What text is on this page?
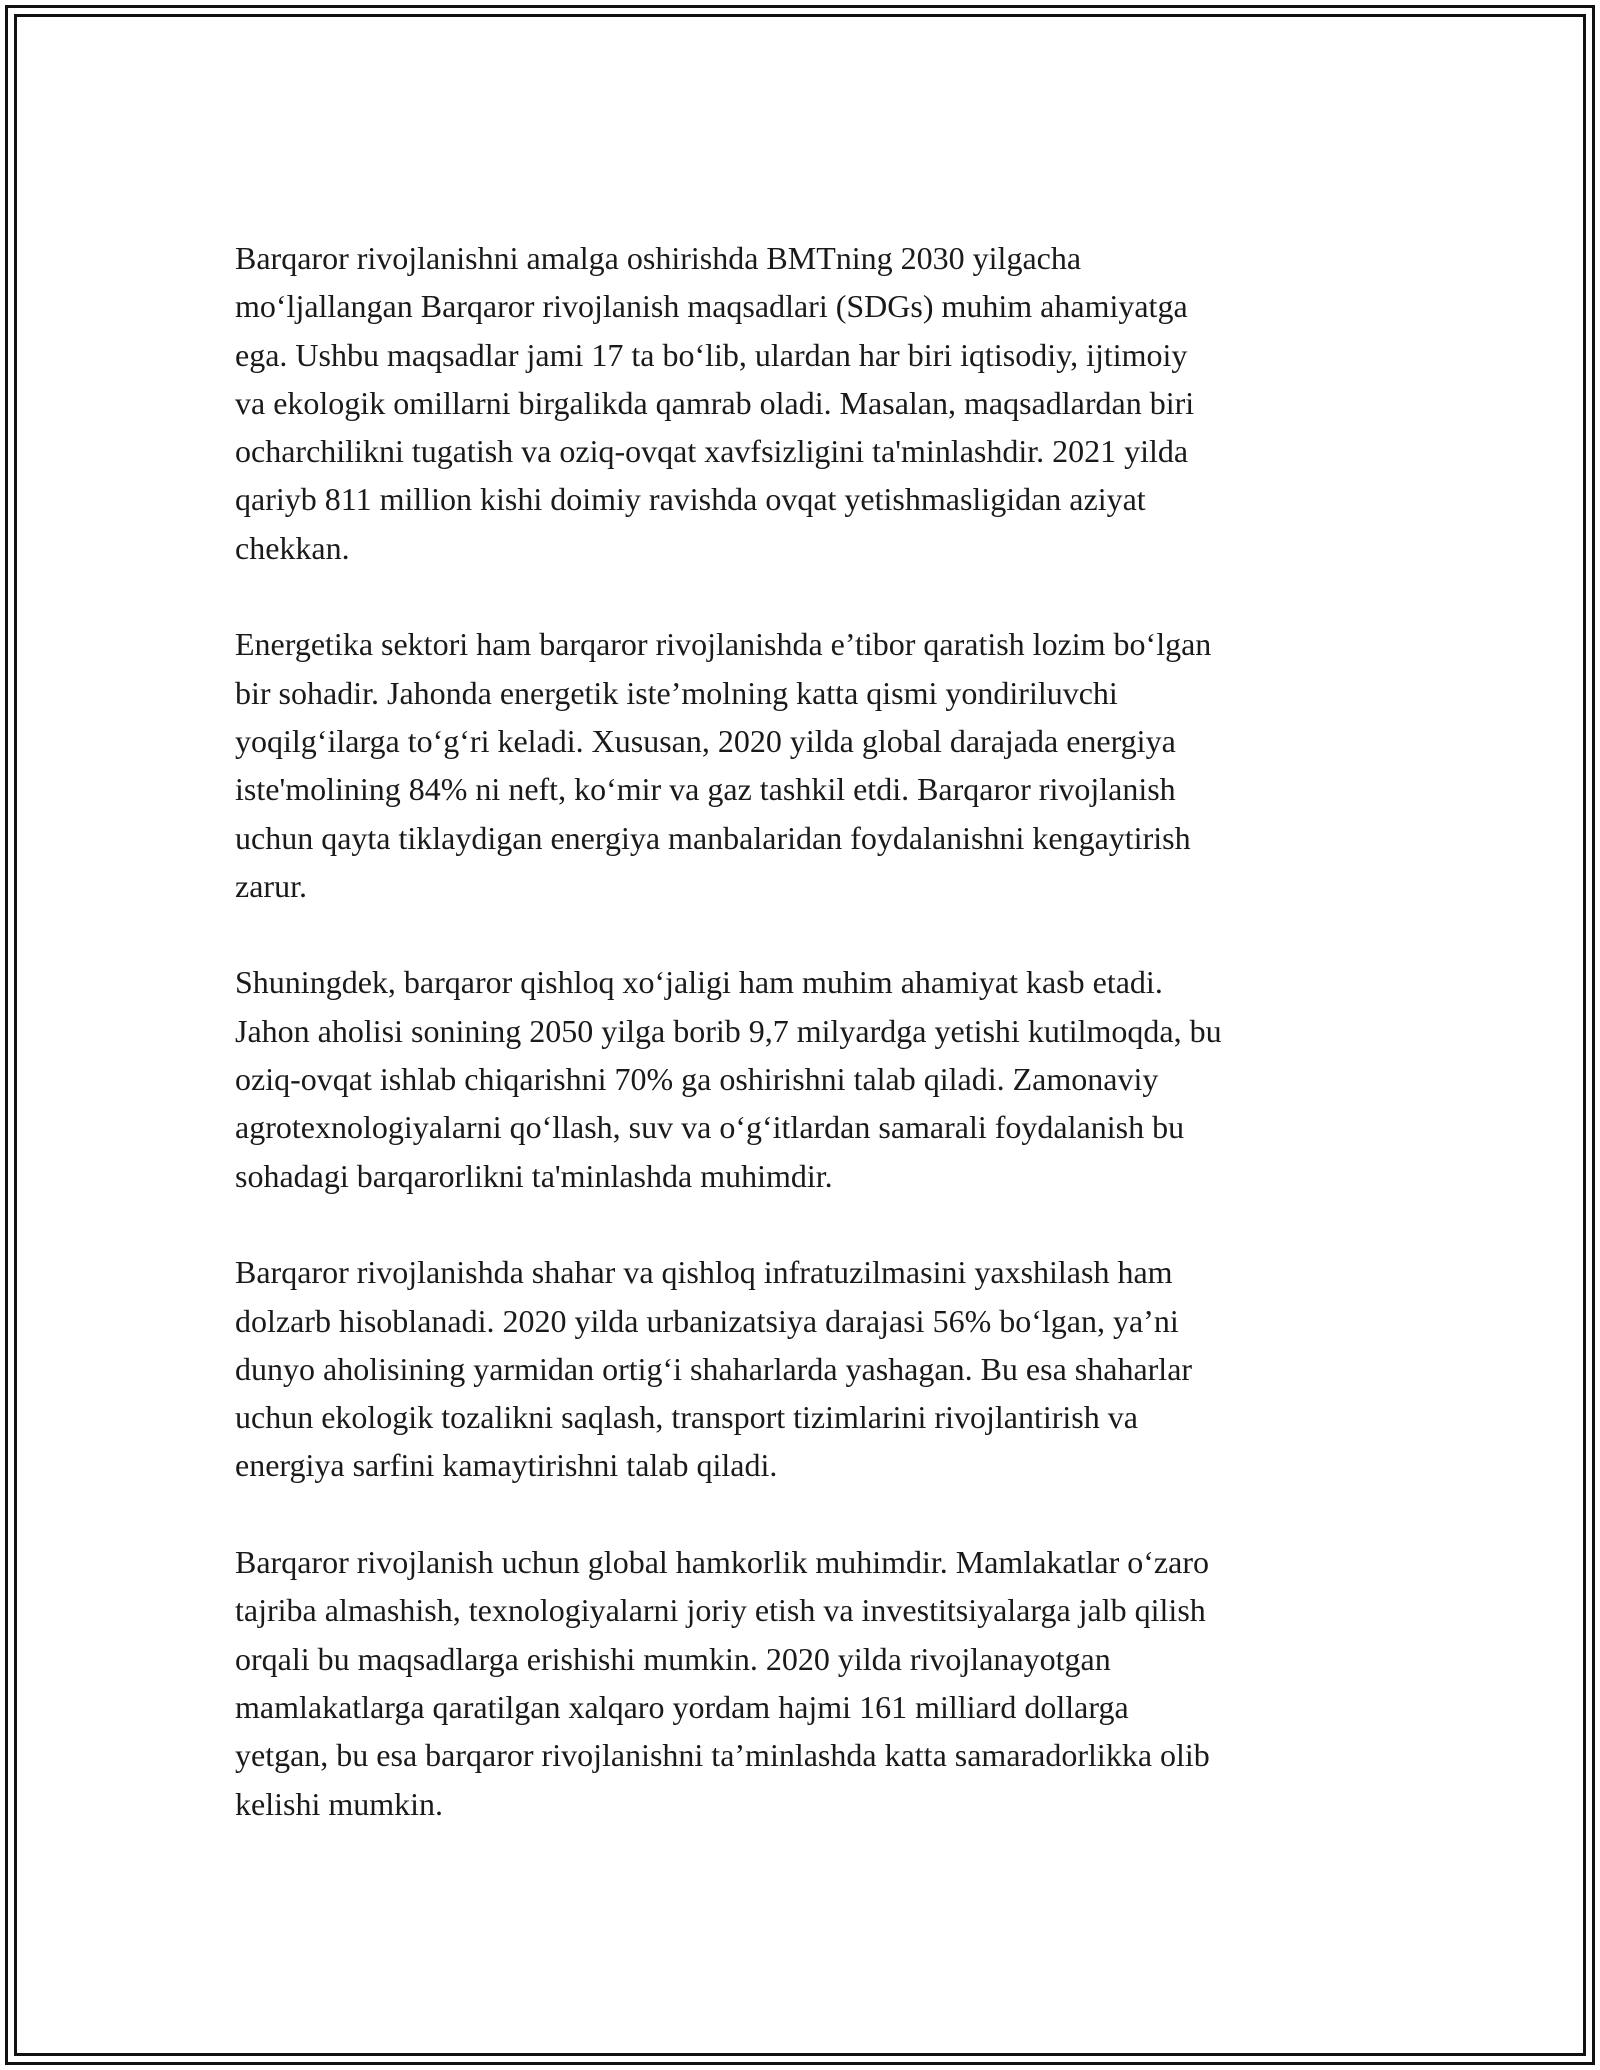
Barqaror rivojlanishni amalga oshirishda BMTning 2030 yilgacha
mo‘ljallangan Barqaror rivojlanish maqsadlari (SDGs) muhim ahamiyatga
ega. Ushbu maqsadlar jami 17 ta bo‘lib, ulardan har biri iqtisodiy, ijtimoiy
va ekologik omillarni birgalikda qamrab oladi. Masalan, maqsadlardan biri
ocharchilikni tugatish va oziq-ovqat xavfsizligini ta'minlashdir. 2021 yilda
qariyb 811 million kishi doimiy ravishda ovqat yetishmasligidan aziyat
chekkan.

Energetika sektori ham barqaror rivojlanishda e’tibor qaratish lozim bo‘lgan
bir sohadir. Jahonda energetik iste’molning katta qismi yondiriluvchi
yoqilg‘ilarga to‘g‘ri keladi. Xususan, 2020 yilda global darajada energiya
iste'molining 84% ni neft, ko‘mir va gaz tashkil etdi. Barqaror rivojlanish
uchun qayta tiklaydigan energiya manbalaridan foydalanishni kengaytirish
zarur.

Shuningdek, barqaror qishloq xo‘jaligi ham muhim ahamiyat kasb etadi.
Jahon aholisi sonining 2050 yilga borib 9,7 milyardga yetishi kutilmoqda, bu
oziq-ovqat ishlab chiqarishni 70% ga oshirishni talab qiladi. Zamonaviy
agrotexnologiyalarni qo‘llash, suv va o‘g‘itlardan samarali foydalanish bu
sohadagi barqarorlikni ta'minlashda muhimdir.

Barqaror rivojlanishda shahar va qishloq infratuzilmasini yaxshilash ham
dolzarb hisoblanadi. 2020 yilda urbanizatsiya darajasi 56% bo‘lgan, ya’ni
dunyo aholisining yarmidan ortig‘i shaharlarda yashagan. Bu esa shaharlar
uchun ekologik tozalikni saqlash, transport tizimlarini rivojlantirish va
energiya sarfini kamaytirishni talab qiladi.

Barqaror rivojlanish uchun global hamkorlik muhimdir. Mamlakatlar o‘zaro
tajriba almashish, texnologiyalarni joriy etish va investitsiyalarga jalb qilish
orqali bu maqsadlarga erishishi mumkin. 2020 yilda rivojlanayotgan
mamlakatlarga qaratilgan xalqaro yordam hajmi 161 milliard dollarga
yetgan, bu esa barqaror rivojlanishni ta’minlashda katta samaradorlikka olib
kelishi mumkin.
